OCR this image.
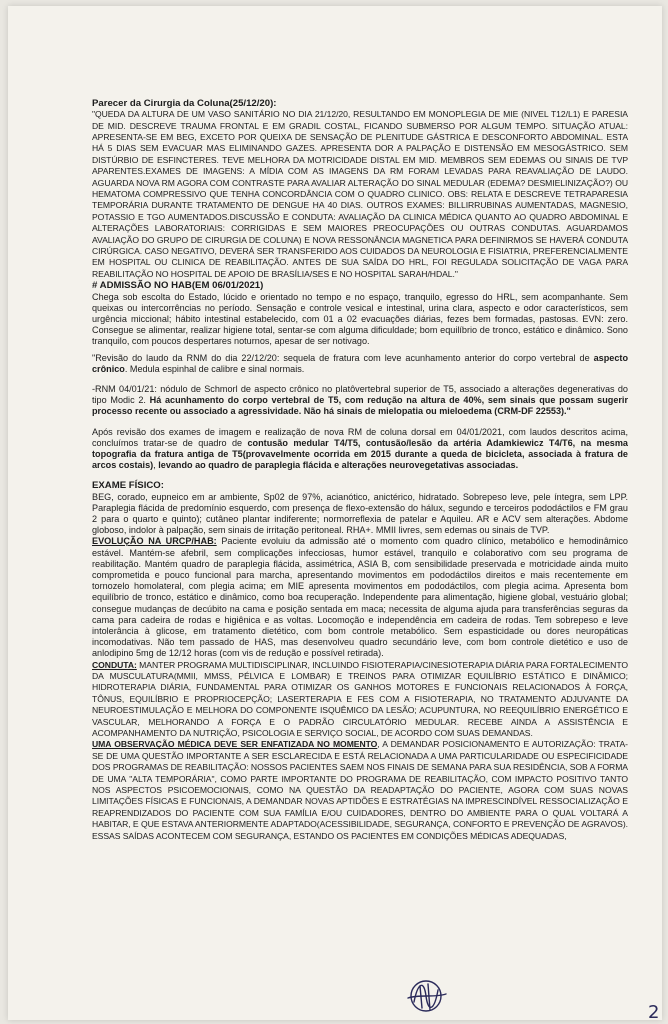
Parecer da Cirurgia da Coluna(25/12/20):

"QUEDA DA ALTURA DE UM VASO SANITÁRIO NO DIA 21/12/20, RESULTANDO EM MONOPLEGIA DE MIE (NIVEL T12/L1) E PARESIA DE MID. DESCREVE TRAUMA FRONTAL E EM GRADIL COSTAL, FICANDO SUBMERSO POR ALGUM TEMPO. SITUAÇÃO ATUAL: APRESENTA-SE EM BEG, EXCETO POR QUEIXA DE SENSAÇÃO DE PLENITUDE GÁSTRICA E DESCONFORTO ABDOMINAL. ESTA HÁ 5 DIAS SEM EVACUAR MAS ELIMINANDO GAZES. APRESENTA DOR A PALPAÇÃO E DISTENSÃO EM MESOGÁSTRICO. SEM DISTÚRBIO DE ESFINCTERES. TEVE MELHORA DA MOTRICIDADE DISTAL EM MID. MEMBROS SEM EDEMAS OU SINAIS DE TVP APARENTES.EXAMES DE IMAGENS: A MÍDIA COM AS IMAGENS DA RM FORAM LEVADAS PARA REAVALIAÇÃO DE LAUDO. AGUARDA NOVA RM AGORA COM CONTRASTE PARA AVALIAR ALTERAÇÃO DO SINAL MEDULAR (EDEMA? DESMIELINIZAÇÃO?) OU HEMATOMA COMPRESSIVO QUE TENHA CONCORDÂNCIA COM O QUADRO CLINICO. OBS: RELATA E DESCREVE TETRAPARESIA TEMPORÁRIA DURANTE TRATAMENTO DE DENGUE HA 40 DIAS. OUTROS EXAMES: BILLIRRUBINAS AUMENTADAS, MAGNESIO, POTASSIO E TGO AUMENTADOS.DISCUSSÃO E CONDUTA: AVALIAÇÃO DA CLINICA MÉDICA QUANTO AO QUADRO ABDOMINAL E ALTERAÇÕES LABORATORIAIS: CORRIGIDAS E SEM MAIORES PREOCUPAÇÕES OU OUTRAS CONDUTAS. AGUARDAMOS AVALIAÇÃO DO GRUPO DE CIRURGIA DE COLUNA) E NOVA RESSONÂNCIA MAGNETICA PARA DEFINIRMOS SE HAVERÁ CONDUTA CIRÚRGICA. CASO NEGATIVO, DEVERÁ SER TRANSFERIDO AOS CUIDADOS DA NEUROLOGIA E FISIATRIA, PREFERENCIALMENTE EM HOSPITAL OU CLINICA DE REABILITAÇÃO. ANTES DE SUA SAÍDA DO HRL, FOI REGULADA SOLICITAÇÃO DE VAGA PARA REABILITAÇÃO NO HOSPITAL DE APOIO DE BRASÍLIA/SES E NO HOSPITAL SARAH/HDAL."

# ADMISSÃO NO HAB(EM 06/01/2021)

Chega sob escolta do Estado, lúcido e orientado no tempo e no espaço, tranquilo, egresso do HRL, sem acompanhante. Sem queixas ou intercorrências no período. Sensação e controle vesical e intestinal, urina clara, aspecto e odor característicos, sem urgência miccional; hábito intestinal estabelecido, com 01 a 02 evacuações diárias, fezes bem formadas, pastosas. EVN: zero. Consegue se alimentar, realizar higiene total, sentar-se com alguma dificuldade; bom equilíbrio de tronco, estático e dinâmico. Sono tranquilo, com poucos despertares noturnos, apesar de ser notivago.

"Revisão do laudo da RNM do dia 22/12/20: sequela de fratura com leve acunhamento anterior do corpo vertebral de aspecto crônico. Medula espinhal de calibre e sinal normais.

-RNM 04/01/21: nódulo de Schmorl de aspecto crônico no platôvertebral superior de T5, associado a alterações degenerativas do tipo Modic 2. Há acunhamento do corpo vertebral de T5, com redução na altura de 40%, sem sinais que possam sugerir processo recente ou associado a agressividade. Não há sinais de mielopatia ou mieloedema (CRM-DF 22553)."

Após revisão dos exames de imagem e realização de nova RM de coluna dorsal em 04/01/2021, com laudos descritos acima, concluímos tratar-se de quadro de contusão medular T4/T5, contusão/lesão da artéria Adamkiewicz T4/T6, na mesma topografia da fratura antiga de T5(provavelmente ocorrida em 2015 durante a queda de bicicleta, associada à fratura de arcos costais), levando ao quadro de paraplegia flácida e alterações neurovegetativas associadas.

EXAME FÍSICO:

BEG, corado, eupneico em ar ambiente, Sp02 de 97%, acianótico, anictérico, hidratado. Sobrepeso leve, pele íntegra, sem LPP. Paraplegia flácida de predomínio esquerdo, com presença de flexo-extensão do hálux, segundo e terceiros pododáctilos e FM grau 2 para o quarto e quinto); cutâneo plantar indiferente; normorreflexia de patelar e Aquileu. AR e ACV sem alterações. Abdome globoso, indolor à palpação, sem sinais de irritação peritoneal. RHA+. MMII livres, sem edemas ou sinais de TVP.

EVOLUÇÃO NA URCP/HAB: Paciente evoluiu da admissão até o momento com quadro clínico, metabólico e hemodinâmico estável. Mantém-se afebril, sem complicações infecciosas, humor estável, tranquilo e colaborativo com seu programa de reabilitação. Mantém quadro de paraplegia flácida, assimétrica, ASIA B, com sensibilidade preservada e motricidade ainda muito comprometida e pouco funcional para marcha, apresentando movimentos em pododáctilos direitos e mais recentemente em tornozelo homolateral, com plegia acima; em MIE apresenta movimentos em pododáctilos, com plegia acima. Apresenta bom equilíbrio de tronco, estático e dinâmico, como boa recuperação. Independente para alimentação, higiene global, vestuário global; consegue mudanças de decúbito na cama e posição sentada em maca; necessita de alguma ajuda para transferências seguras da cama para cadeira de rodas e higiênica e as voltas. Locomoção e independência em cadeira de rodas. Tem sobrepeso e leve intolerância à glicose, em tratamento dietético, com bom controle metabólico. Sem espasticidade ou dores neuropáticas incomodativas. Não tem passado de HAS, mas desenvolveu quadro secundário leve, com bom controle dietético e uso de anlodipino 5mg de 12/12 horas (com vis de redução e possível retirada).

CONDUTA: MANTER PROGRAMA MULTIDISCIPLINAR, INCLUINDO FISIOTERAPIA/CINESIOTERAPIA DIÁRIA PARA FORTALECIMENTO DA MUSCULATURA(MMII, MMSS, PÉLVICA E LOMBAR) E TREINOS PARA OTIMIZAR EQUILÍBRIO ESTÁTICO E DINÂMICO; HIDROTERAPIA DIÁRIA, FUNDAMENTAL PARA OTIMIZAR OS GANHOS MOTORES E FUNCIONAIS RELACIONADOS À FORÇA, TÔNUS, EQUILÍBRIO E PROPRIOCEPÇÃO; LASERTERAPIA E FES COM A FISIOTERAPIA, NO TRATAMENTO ADJUVANTE DA NEUROESTIMULAÇÃO E MELHORA DO COMPONENTE ISQUÊMICO DA LESÃO; ACUPUNTURA, NO REEQUILÍBRIO ENERGÉTICO E VASCULAR, MELHORANDO A FORÇA E O PADRÃO CIRCULATÓRIO MEDULAR. RECEBE AINDA A ASSISTÊNCIA E ACOMPANHAMENTO DA NUTRIÇÃO, PSICOLOGIA E SERVIÇO SOCIAL, DE ACORDO COM SUAS DEMANDAS.

UMA OBSERVAÇÃO MÉDICA DEVE SER ENFATIZADA NO MOMENTO, A DEMANDAR POSICIONAMENTO E AUTORIZAÇÃO: TRATA-SE DE UMA QUESTÃO IMPORTANTE A SER ESCLARECIDA E ESTÁ RELACIONADA A UMA PARTICULARIDADE OU ESPECIFICIDADE DOS PROGRAMAS DE REABILITAÇÃO: NOSSOS PACIENTES SAEM NOS FINAIS DE SEMANA PARA SUA RESIDÊNCIA, SOB A FORMA DE UMA "ALTA TEMPORÁRIA", COMO PARTE IMPORTANTE DO PROGRAMA DE REABILITAÇÃO, COM IMPACTO POSITIVO TANTO NOS ASPECTOS PSICOEMOCIONAIS, COMO NA QUESTÃO DA READAPTAÇÃO DO PACIENTE, AGORA COM SUAS NOVAS LIMITAÇÕES FÍSICAS E FUNCIONAIS, A DEMANDAR NOVAS APTIDÕES E ESTRATÉGIAS NA IMPRESCINDÍVEL RESSOCIALIZAÇÃO E REAPRENDIZADOS DO PACIENTE COM SUA FAMÍLIA E/OU CUIDADORES, DENTRO DO AMBIENTE PARA O QUAL VOLTARÁ A HABITAR, E QUE ESTAVA ANTERIORMENTE ADAPTADO(ACESSIBILIDADE, SEGURANÇA, CONFORTO E PREVENÇÃO DE AGRAVOS). ESSAS SAÍDAS ACONTECEM COM SEGURANÇA, ESTANDO OS PACIENTES EM CONDIÇÕES MÉDICAS ADEQUADAS,

2
